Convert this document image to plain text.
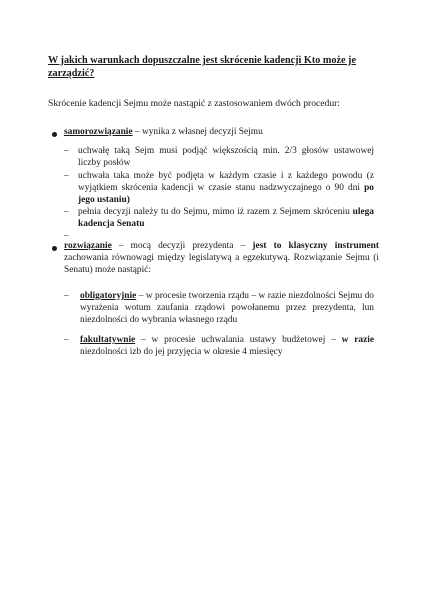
W jakich warunkach dopuszczalne jest skrócenie kadencji Kto może je zarządzić?

Skrócenie kadencji Sejmu może nastąpić z zastosowaniem dwóch procedur:

samorozwiązanie – wynika z własnej decyzji Sejmu
– uchwałę taką Sejm musi podjąć większością min. 2/3 głosów ustawowej liczby posłów
– uchwała taka może być podjęta w każdym czasie i z każdego powodu (z wyjątkiem skrócenia kadencji w czasie stanu nadzwyczajnego o 90 dni po jego ustaniu)
– pełnia decyzji należy tu do Sejmu, mimo iż razem z Sejmem skróceniu ulega kadencja Senatu
–
rozwiązanie – mocą decyzji prezydenta – jest to klasyczny instrument zachowania równowagi między legislatywą a egzekutywą. Rozwiązanie Sejmu (i Senatu) może nastąpić:
– obligatoryjnie – w procesie tworzenia rządu – w razie niezdolności Sejmu do wyrażenia wotum zaufania rządowi powołanemu przez prezydenta, lun niezdolności do wybrania własnego rządu
– fakultatywnie – w procesie uchwalania ustawy budżetowej – w razie niezdolności izb do jej przyjęcia w okresie 4 miesięcy
